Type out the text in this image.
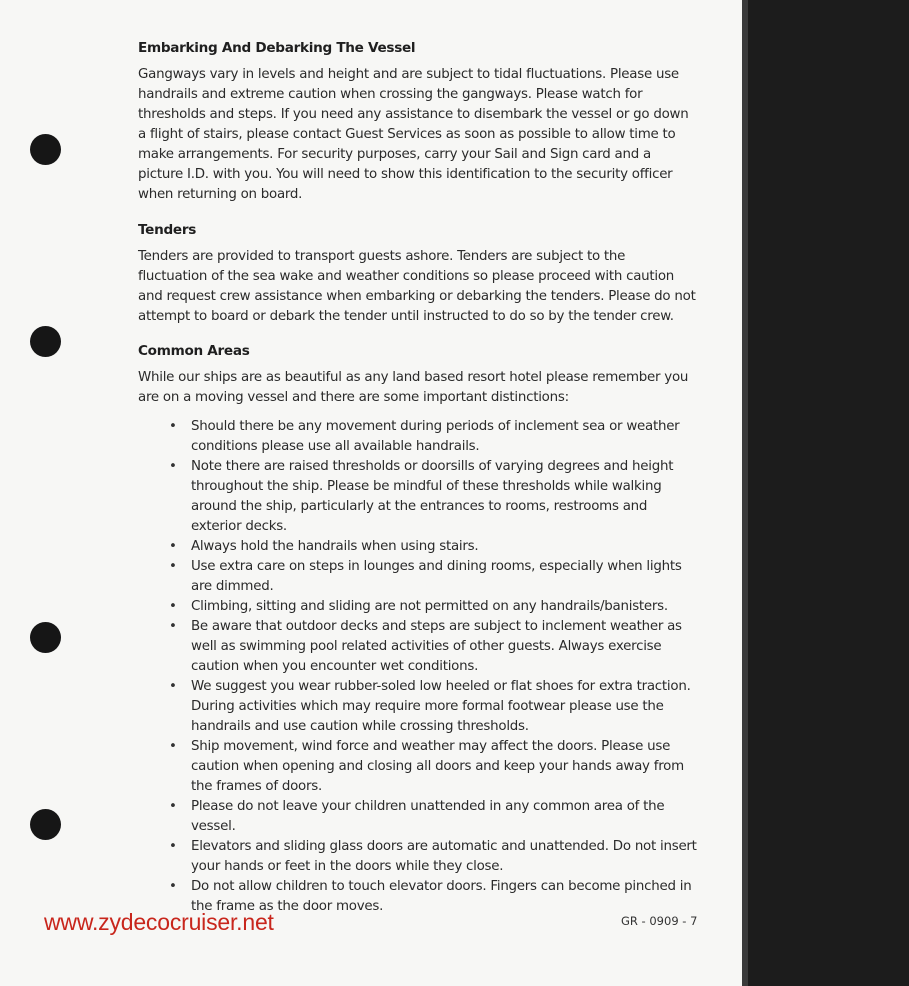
Embarking And Debarking The Vessel

Gangways vary in levels and height and are subject to tidal fluctuations. Please use handrails and extreme caution when crossing the gangways. Please watch for thresholds and steps. If you need any assistance to disembark the vessel or go down a flight of stairs, please contact Guest Services as soon as possible to allow time to make arrangements. For security purposes, carry your Sail and Sign card and a picture I.D. with you. You will need to show this identification to the security officer when returning on board.

Tenders

Tenders are provided to transport guests ashore. Tenders are subject to the fluctuation of the sea wake and weather conditions so please proceed with caution and request crew assistance when embarking or debarking the tenders. Please do not attempt to board or debark the tender until instructed to do so by the tender crew.

Common Areas

While our ships are as beautiful as any land based resort hotel please remember you are on a moving vessel and there are some important distinctions:

• Should there be any movement during periods of inclement sea or weather conditions please use all available handrails.
• Note there are raised thresholds or doorsills of varying degrees and height throughout the ship. Please be mindful of these thresholds while walking around the ship, particularly at the entrances to rooms, restrooms and exterior decks.
• Always hold the handrails when using stairs.
• Use extra care on steps in lounges and dining rooms, especially when lights are dimmed.
• Climbing, sitting and sliding are not permitted on any handrails/banisters.
• Be aware that outdoor decks and steps are subject to inclement weather as well as swimming pool related activities of other guests. Always exercise caution when you encounter wet conditions.
• We suggest you wear rubber-soled low heeled or flat shoes for extra traction. During activities which may require more formal footwear please use the handrails and use caution while crossing thresholds.
• Ship movement, wind force and weather may affect the doors. Please use caution when opening and closing all doors and keep your hands away from the frames of doors.
• Please do not leave your children unattended in any common area of the vessel.
• Elevators and sliding glass doors are automatic and unattended. Do not insert your hands or feet in the doors while they close.
• Do not allow children to touch elevator doors. Fingers can become pinched in the frame as the door moves.
www.zydecocruiser.net	GR - 0909 - 7
